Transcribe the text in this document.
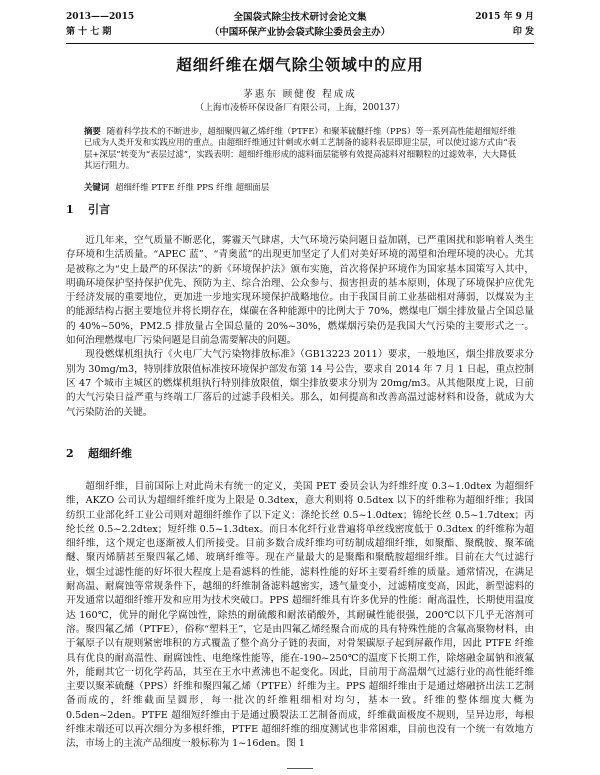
2013——2015
第 十 七 期
全国袋式除尘技术研讨会论文集
（中国环保产业协会袋式除尘委员会主办）
2015 年 9 月
印 发
超细纤维在烟气除尘领域中的应用
茅惠东 顾健俊 程成成
（上海市凌桥环保设备厂有限公司，上海，200137）
摘要 随着科学技术的不断进步，超细聚四氟乙烯纤维（PTFE）和聚苯硫醚纤维（PPS）等一系列高性能超细短纤维已成为人类开发和实践应用的重点。由超细纤维通过针刺或水刺工艺制备的滤料表层即迎尘层，可以使过滤方式由“表层+深层”转变为“表层过滤”，实践表明：超细纤维形成的滤料面层能够有效提高滤料对细颗粒的过滤效率，大大降低其运行阻力。
关键词 超细纤维 PTFE 纤维 PPS 纤维 超细面层
1 引言

近几年来，空气质量不断恶化，雾霾天气肆虐，大气环境污染问题日益加剧，已严重困扰和影响着人类生存环境和生活质量。“APEC 蓝”、“青奥蓝”的出现更加坚定了人们对美好环境的渴望和治理环境的决心。尤其是被称之为“史上最严的环保法”的新《环境保护法》颁布实施，首次将保护环境作为国家基本国策写入其中，明确环境保护坚持保护优先、预防为主、综合治理、公众参与、损害担责的基本原则，体现了环境保护应优先于经济发展的重要地位，更加进一步地实现环境保护战略地位。由于我国目前工业基础相对薄弱，以煤炭为主的能源结构占据主要地位并将长期存在，煤碳在各种能源中的比例大于 70%，燃煤电厂烟尘排放量占全国总量的 40%~50%，PM2.5 排放量占全国总量的 20%~30%，燃煤烟污染仍是我国大气污染的主要形式之一。如何治理燃煤电厂污染问题是目前急需要解决的问题。

现役燃煤机组执行《火电厂大气污染物排放标准》（GB13223 2011）要求，一般地区，烟尘排放要求分别为 30mg/m3，特别排放限值标准按环境保护部发布第 14 号公告，要求自 2014 年 7 月 1 日起，重点控制区 47 个城市主城区的燃煤机组执行特别排放限值，烟尘排放要求分别为 20mg/m3。从其他限度上说，日前的大气污染日益严重与终端工厂落后的过滤手段相关。那么，如何提高和改善高温过滤材料和设备，就成为大气污染防治的关键。

2 超细纤维

超细纤维，目前国际上对此尚未有统一的定义，美国 PET 委员会认为纤维纤度 0.3~1.0dtex 为超细纤维，AKZO 公司认为超细纤维纤度为上限是 0.3dtex，意大利则将 0.5dtex 以下的纤维称为超细纤维；我国纺织工业部化纤工业公司则对超细纤维作了以下定义：涤纶长丝 0.5~1.0dtex；锦纶长丝 0.5~1.7dtex；丙纶长丝 0.5~2.2dtex；短纤维 0.5~1.3dtex。而日本化纤行业普遍将单丝线密度低于 0.3dtex 的纤维称为超细纤维，这个规定也逐渐被人们所接受。目前多数合成纤维均可纺制成超细纤维，如聚酯、聚酰胺、聚苯硫醚、聚丙烯腈甚至聚四氟乙烯、玻璃纤维等。现在产量最大的是聚酯和聚酰胺超细纤维。目前在大气过滤行业，烟尘过滤性能的好坏很大程度上是看滤料的性能，滤料性能的好坏主要看纤维的质量。通常情况，在满足耐高温、耐腐蚀等常规条件下，越细的纤维制备滤料越密实，透气量变小，过滤精度变高，因此，新型滤料的开发通常以超细纤维开发和应用为技术突破口。PPS 超细纤维具有许多优异的性能：耐高温性，长期使用温度达 160℃，优异的耐化学腐蚀性，除热的耐硫酸和耐浓硝酸外，其耐碱性能很强，200℃以下几乎无溶剂可溶。聚四氟乙烯（PTFE），俗称“塑料王”，它是由四氟乙烯经聚合而成的具有特殊性能的含氟高聚物材料，由于氟原子以有规则紧密堆积的方式覆盖了整个高分子链的表面，对骨架碳原子起到屏蔽作用，因此 PTFE 纤维具有优良的耐高温性、耐腐蚀性、电绝缘性能等，能在-190~250℃的温度下长期工作，除熔融金属钠和液氟外，能耐其它一切化学药品，其至在王水中煮沸也不起变化。因此，目前用于高温烟气过滤行业的高性能纤维主要以聚苯硫醚（PPS）纤维和聚四氟乙烯（PTFE）纤维为主。PPS 超细纤维由于是通过熔融挤出法工艺制备而成的，纤维截面呈圆形，每一批次的纤维粗细相对均匀，基本一致。纤维的整体细度大概为 0.5den~2den。PTFE 超细短纤维由于是通过膜裂法工艺制备而成，纤维截面极度不规则，呈异边形，每根纤维末端还可以再次细分为多根纤维，PTFE 超细纤维的细度测试也非常困难，目前也没有一个统一有效地方法，市场上的主流产品细度一般标称为 1~16den。图 1
